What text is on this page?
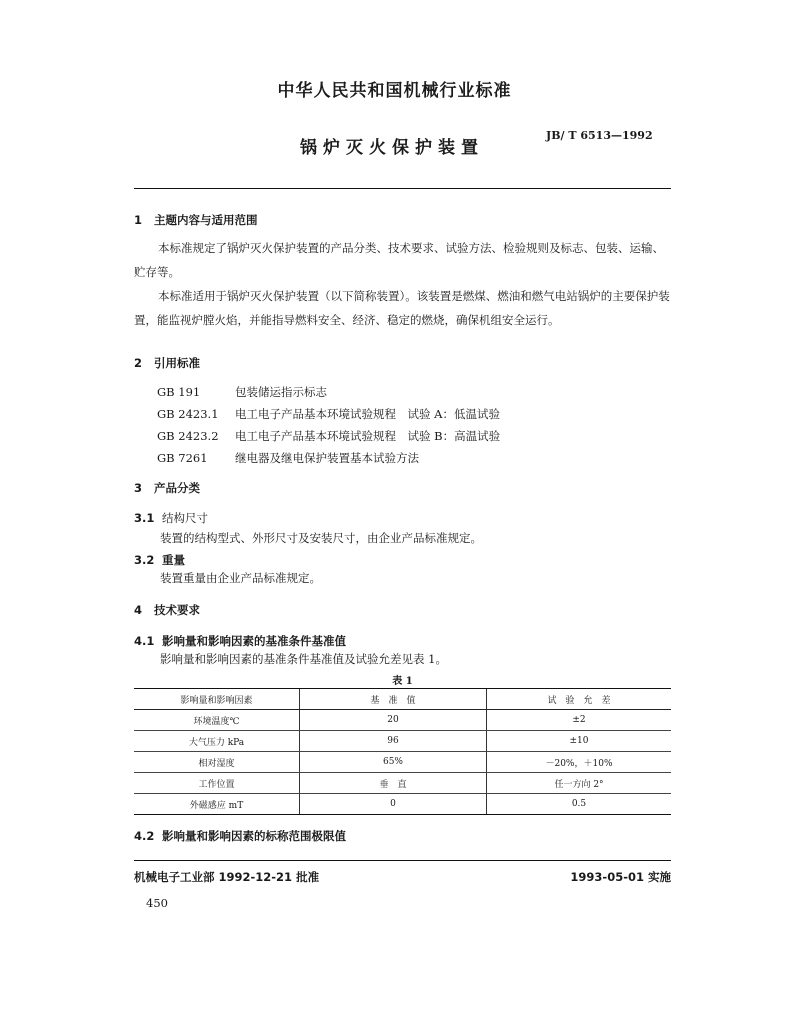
中华人民共和国机械行业标准
锅炉灭火保护装置
JB/ T 6513—1992
1 主题内容与适用范围
本标准规定了锅炉灭火保护装置的产品分类、技术要求、试验方法、检验规则及标志、包装、运输、贮存等。
本标准适用于锅炉灭火保护装置（以下简称装置）。该装置是燃煤、燃油和燃气电站锅炉的主要保护装置，能监视炉膛火焰，并能指导燃料安全、经济、稳定的燃烧，确保机组安全运行。
2 引用标准
GB 191	包装储运指示标志
GB 2423.1 电工电子产品基本环境试验规程　试验 A：低温试验
GB 2423.2 电工电子产品基本环境试验规程　试验 B：高温试验
GB 7261 继电器及继电保护装置基本试验方法
3 产品分类
3.1 结构尺寸
装置的结构型式、外形尺寸及安装尺寸，由企业产品标准规定。
3.2 重量
装置重量由企业产品标准规定。
4 技术要求
4.1 影响量和影响因素的基准条件基准值
影响量和影响因素的基准条件基准值及试验允差见表 1。
表 1
影响量和影响因素	基　准　值	试　验　允　差
环境温度℃	20	±2
大气压力 kPa	96	±10
相对湿度	65%	－20%，＋10%
工作位置	垂　直	任一方向 2°
外磁感应 mT	0	0.5
4.2 影响量和影响因素的标称范围极限值
机械电子工业部 1992-12-21 批准	1993-05-01 实施
450
